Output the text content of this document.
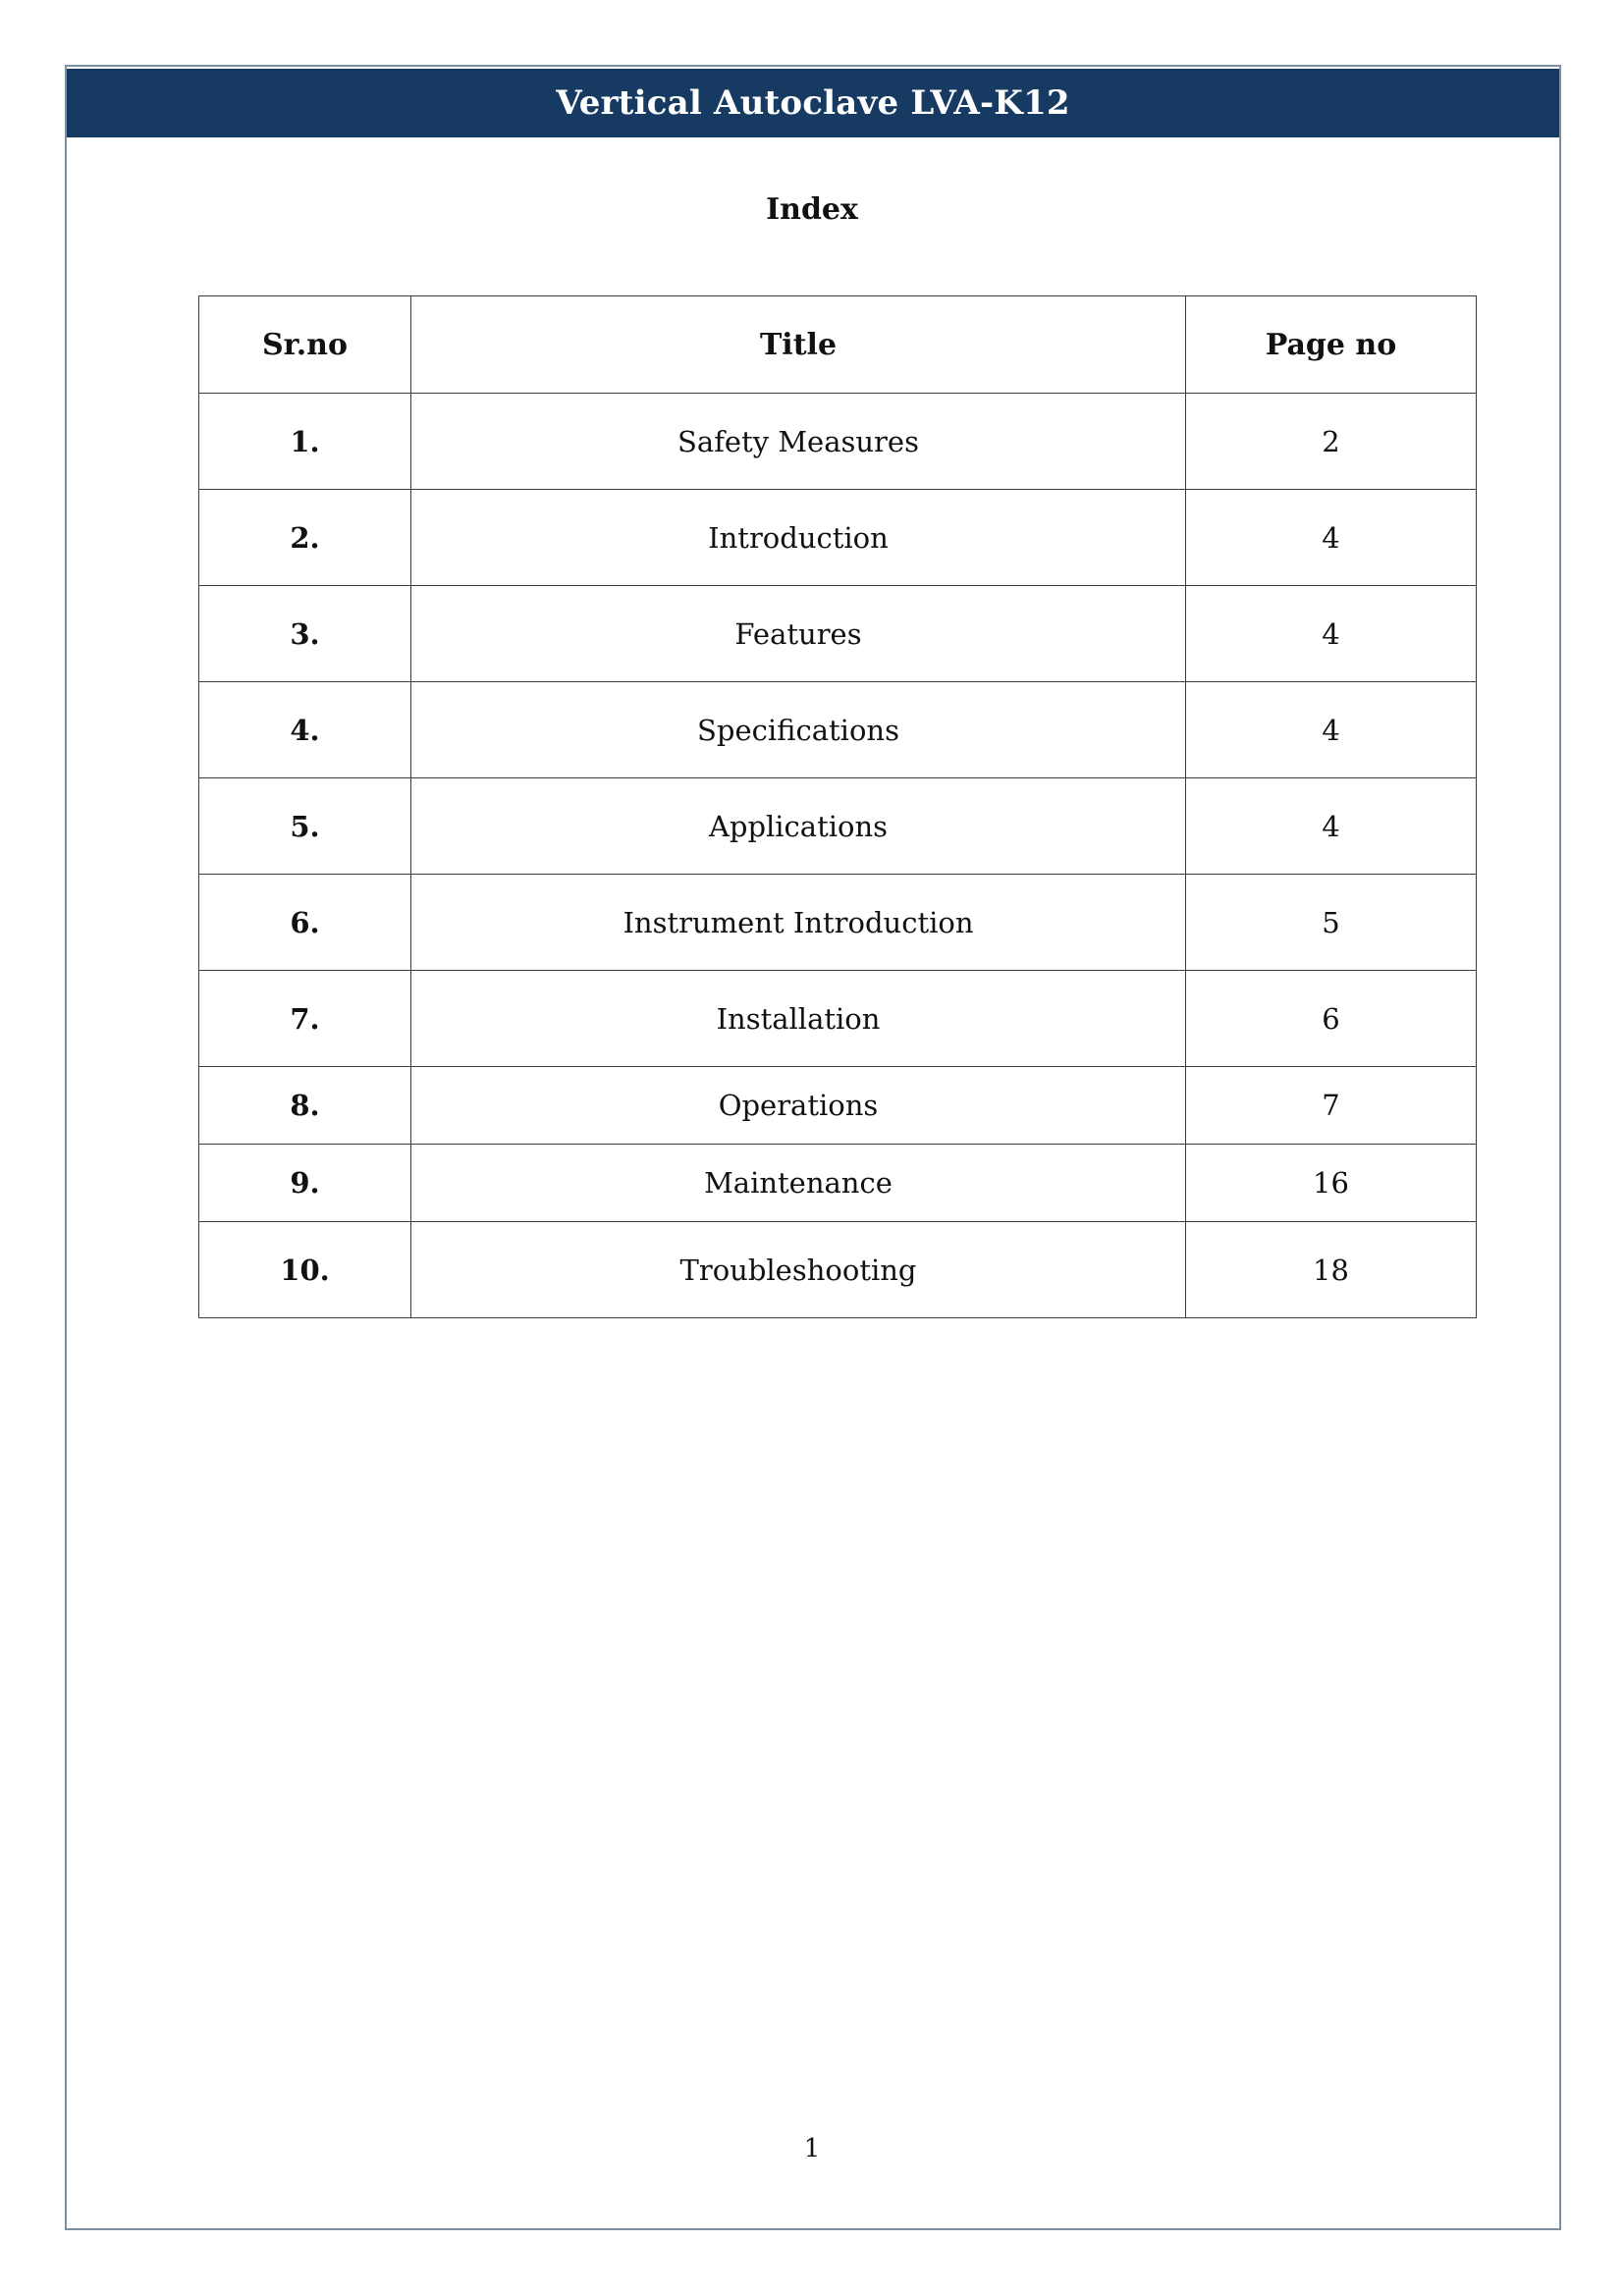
Vertical Autoclave LVA-K12
Index
Sr.no	Title	Page no
1.	Safety Measures	2
2.	Introduction	4
3.	Features	4
4.	Specifications	4
5.	Applications	4
6.	Instrument Introduction	5
7.	Installation	6
8.	Operations	7
9.	Maintenance	16
10.	Troubleshooting	18
1
